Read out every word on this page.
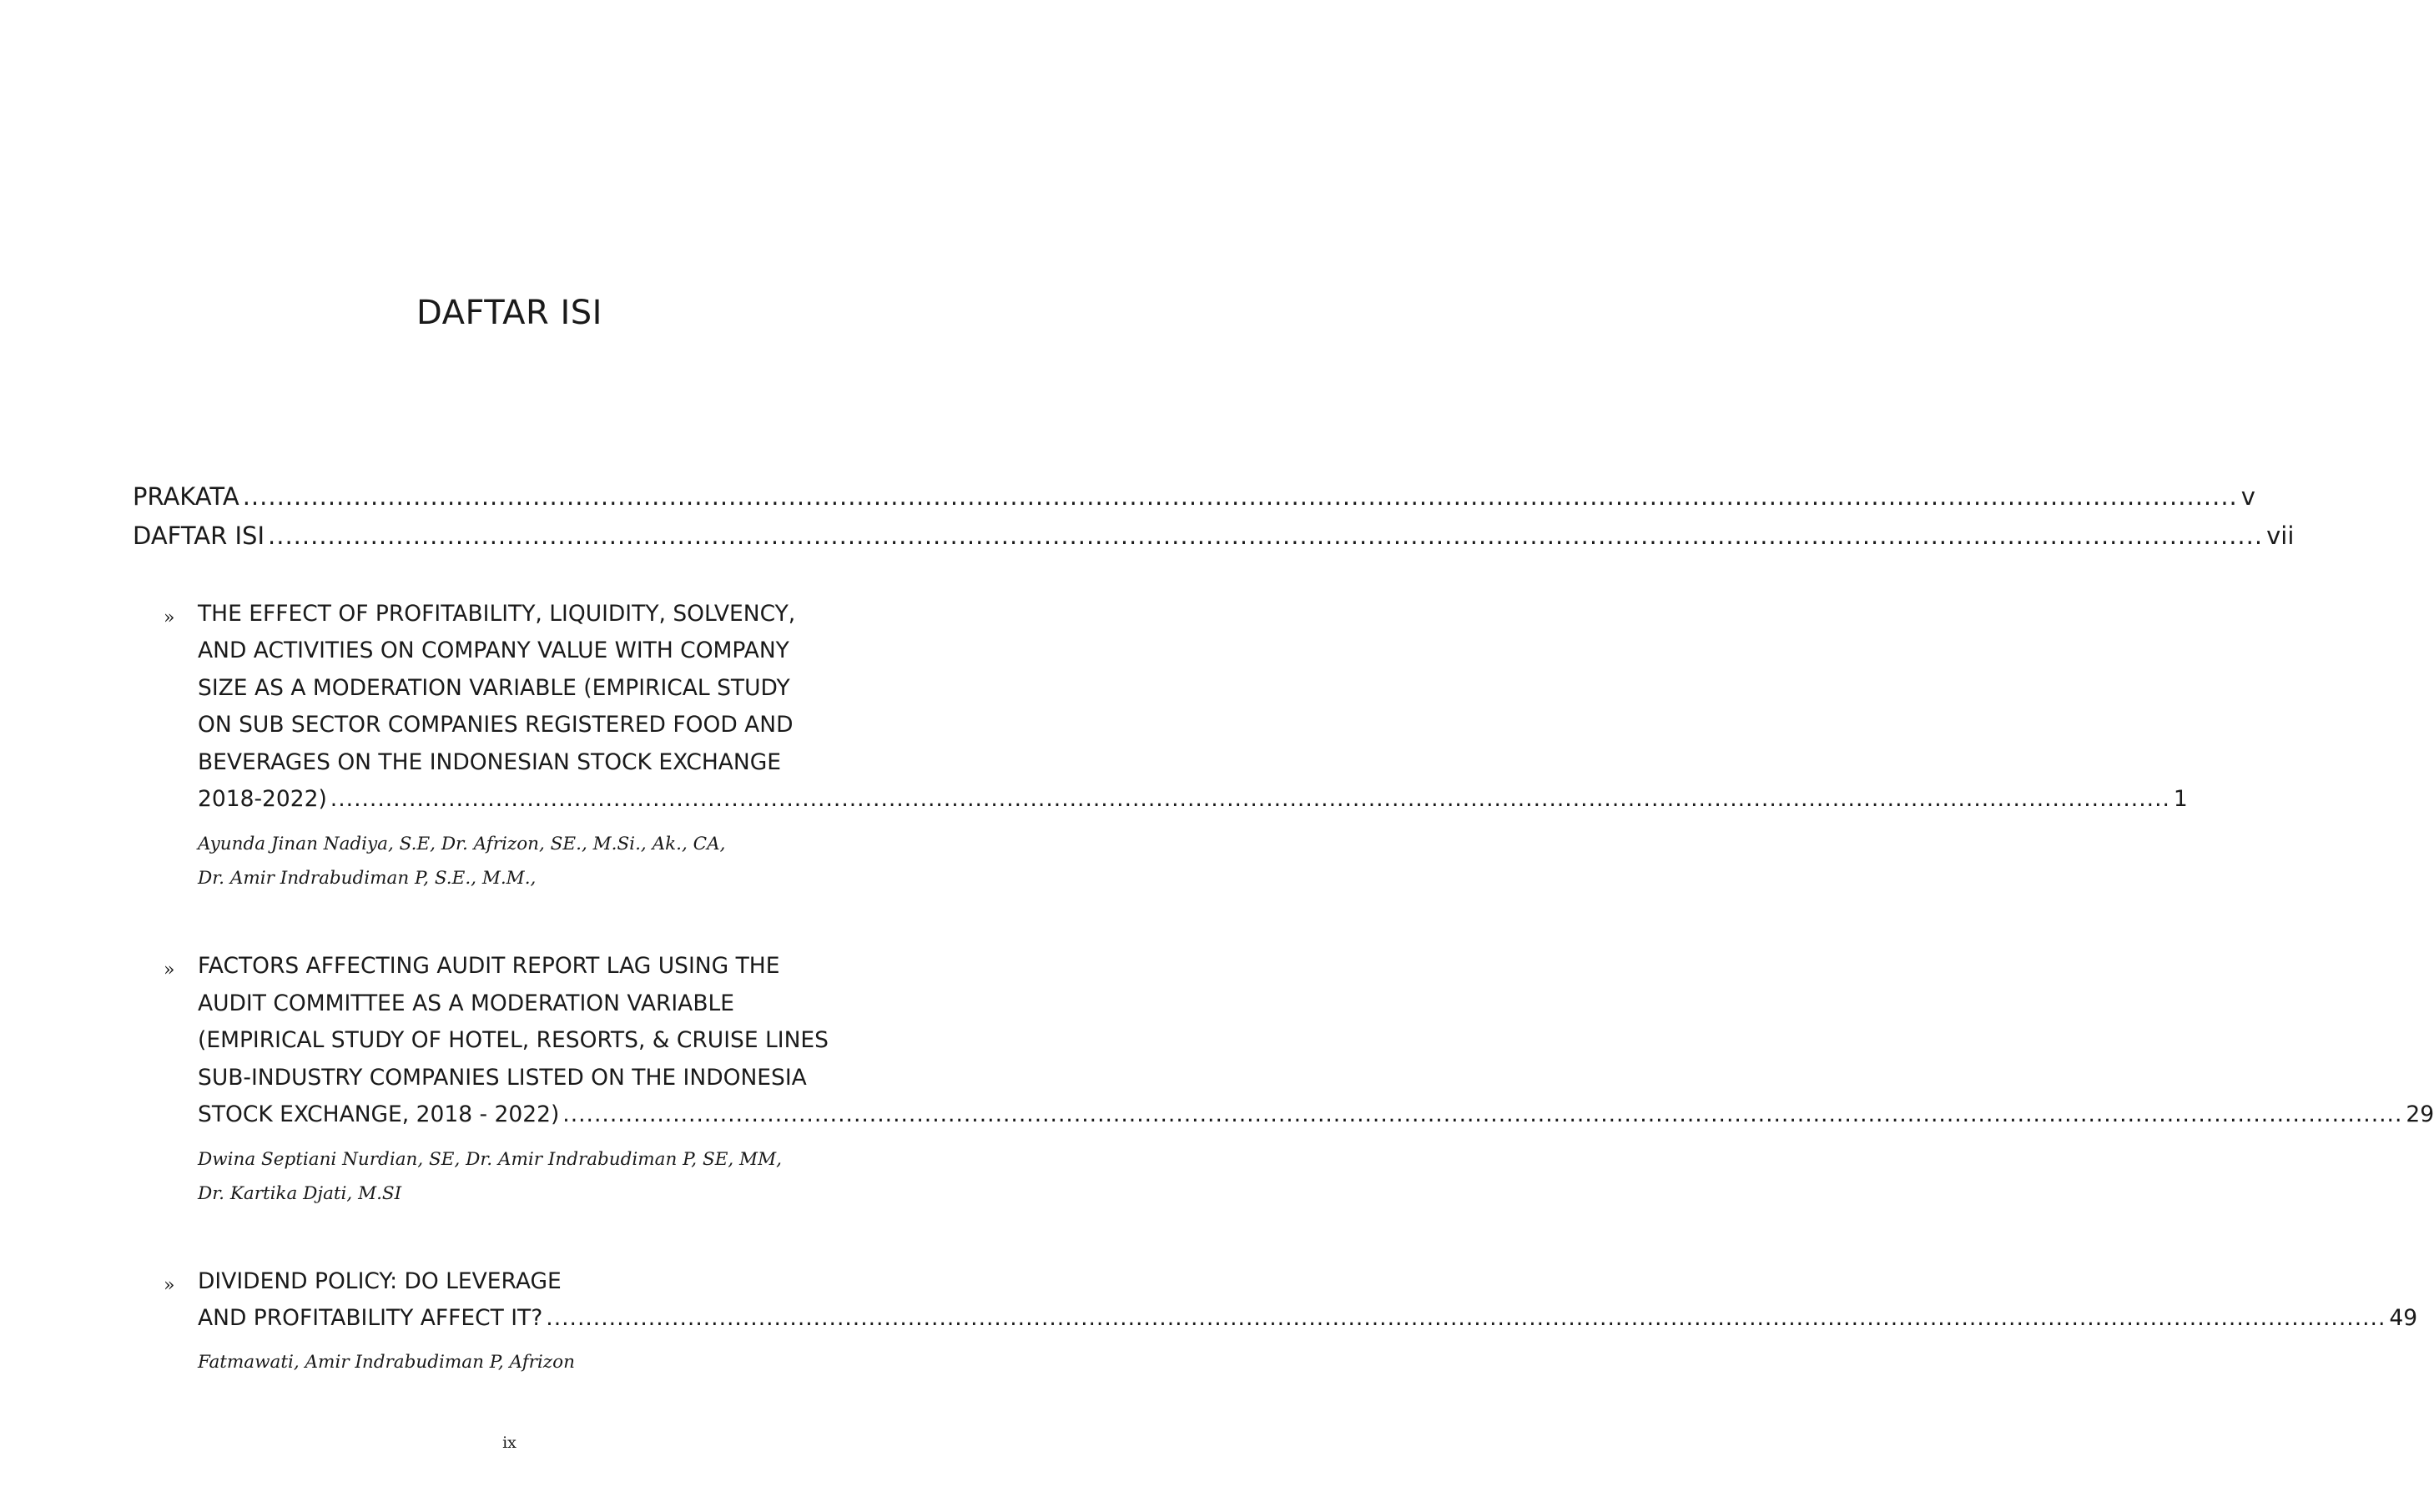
DAFTAR ISI
PRAKATA .......................................................................................................................................................................................................................................... v
DAFTAR ISI .......................................................................................................................................................................................................................................... vii
» THE EFFECT OF PROFITABILITY, LIQUIDITY, SOLVENCY,
AND ACTIVITIES ON COMPANY VALUE WITH COMPANY
SIZE AS A MODERATION VARIABLE (EMPIRICAL STUDY
ON SUB SECTOR COMPANIES REGISTERED FOOD AND
BEVERAGES ON THE INDONESIAN STOCK EXCHANGE
2018-2022) .......................................................................................................................................................................................................................................... 1
Ayunda Jinan Nadiya, S.E, Dr. Afrizon, SE., M.Si., Ak., CA,
Dr. Amir Indrabudiman P, S.E., M.M.,
» FACTORS AFFECTING AUDIT REPORT LAG USING THE
AUDIT COMMITTEE AS A MODERATION VARIABLE
(EMPIRICAL STUDY OF HOTEL, RESORTS, & CRUISE LINES
SUB-INDUSTRY COMPANIES LISTED ON THE INDONESIA
STOCK EXCHANGE, 2018 - 2022) .......................................................................................................................................................................................................................................... 29
Dwina Septiani Nurdian, SE, Dr. Amir Indrabudiman P, SE, MM,
Dr. Kartika Djati, M.SI
» DIVIDEND POLICY: DO LEVERAGE
AND PROFITABILITY AFFECT IT? .......................................................................................................................................................................................................................................... 49
Fatmawati, Amir Indrabudiman P, Afrizon
ix
